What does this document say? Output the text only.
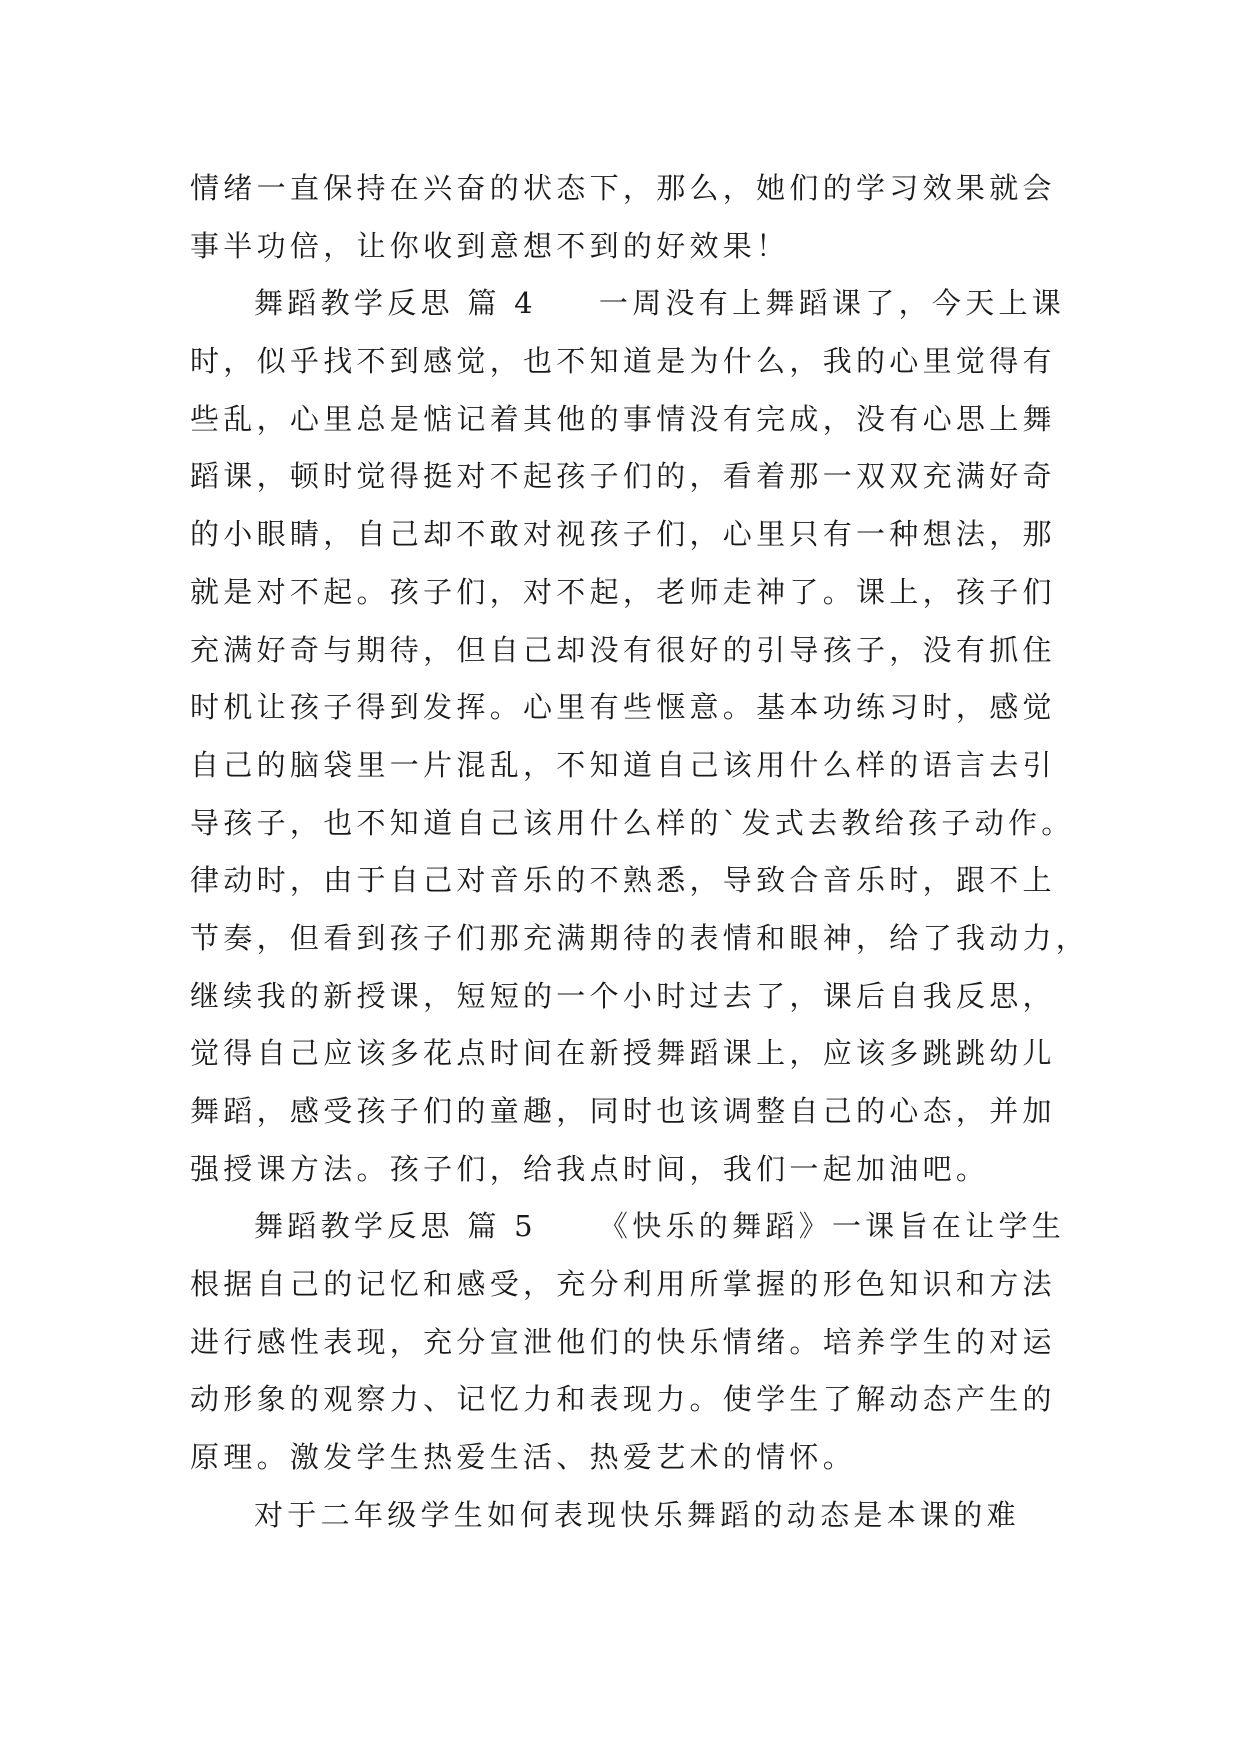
情绪一直保持在兴奋的状态下，那么，她们的学习效果就会
事半功倍，让你收到意想不到的好效果！
舞蹈教学反思 篇 4 一周没有上舞蹈课了，今天上课
时，似乎找不到感觉，也不知道是为什么，我的心里觉得有
些乱，心里总是惦记着其他的事情没有完成，没有心思上舞
蹈课，顿时觉得挺对不起孩子们的，看着那一双双充满好奇
的小眼睛，自己却不敢对视孩子们，心里只有一种想法，那
就是对不起。孩子们，对不起，老师走神了。课上，孩子们
充满好奇与期待，但自己却没有很好的引导孩子，没有抓住
时机让孩子得到发挥。心里有些惬意。基本功练习时，感觉
自己的脑袋里一片混乱，不知道自己该用什么样的语言去引
导孩子，也不知道自己该用什么样的`发式去教给孩子动作。
律动时，由于自己对音乐的不熟悉，导致合音乐时，跟不上
节奏，但看到孩子们那充满期待的表情和眼神，给了我动力，
继续我的新授课，短短的一个小时过去了，课后自我反思，
觉得自己应该多花点时间在新授舞蹈课上，应该多跳跳幼儿
舞蹈，感受孩子们的童趣，同时也该调整自己的心态，并加
强授课方法。孩子们，给我点时间，我们一起加油吧。
舞蹈教学反思 篇 5 《快乐的舞蹈》一课旨在让学生
根据自己的记忆和感受，充分利用所掌握的形色知识和方法
进行感性表现，充分宣泄他们的快乐情绪。培养学生的对运
动形象的观察力、记忆力和表现力。使学生了解动态产生的
原理。激发学生热爱生活、热爱艺术的情怀。
对于二年级学生如何表现快乐舞蹈的动态是本课的难
